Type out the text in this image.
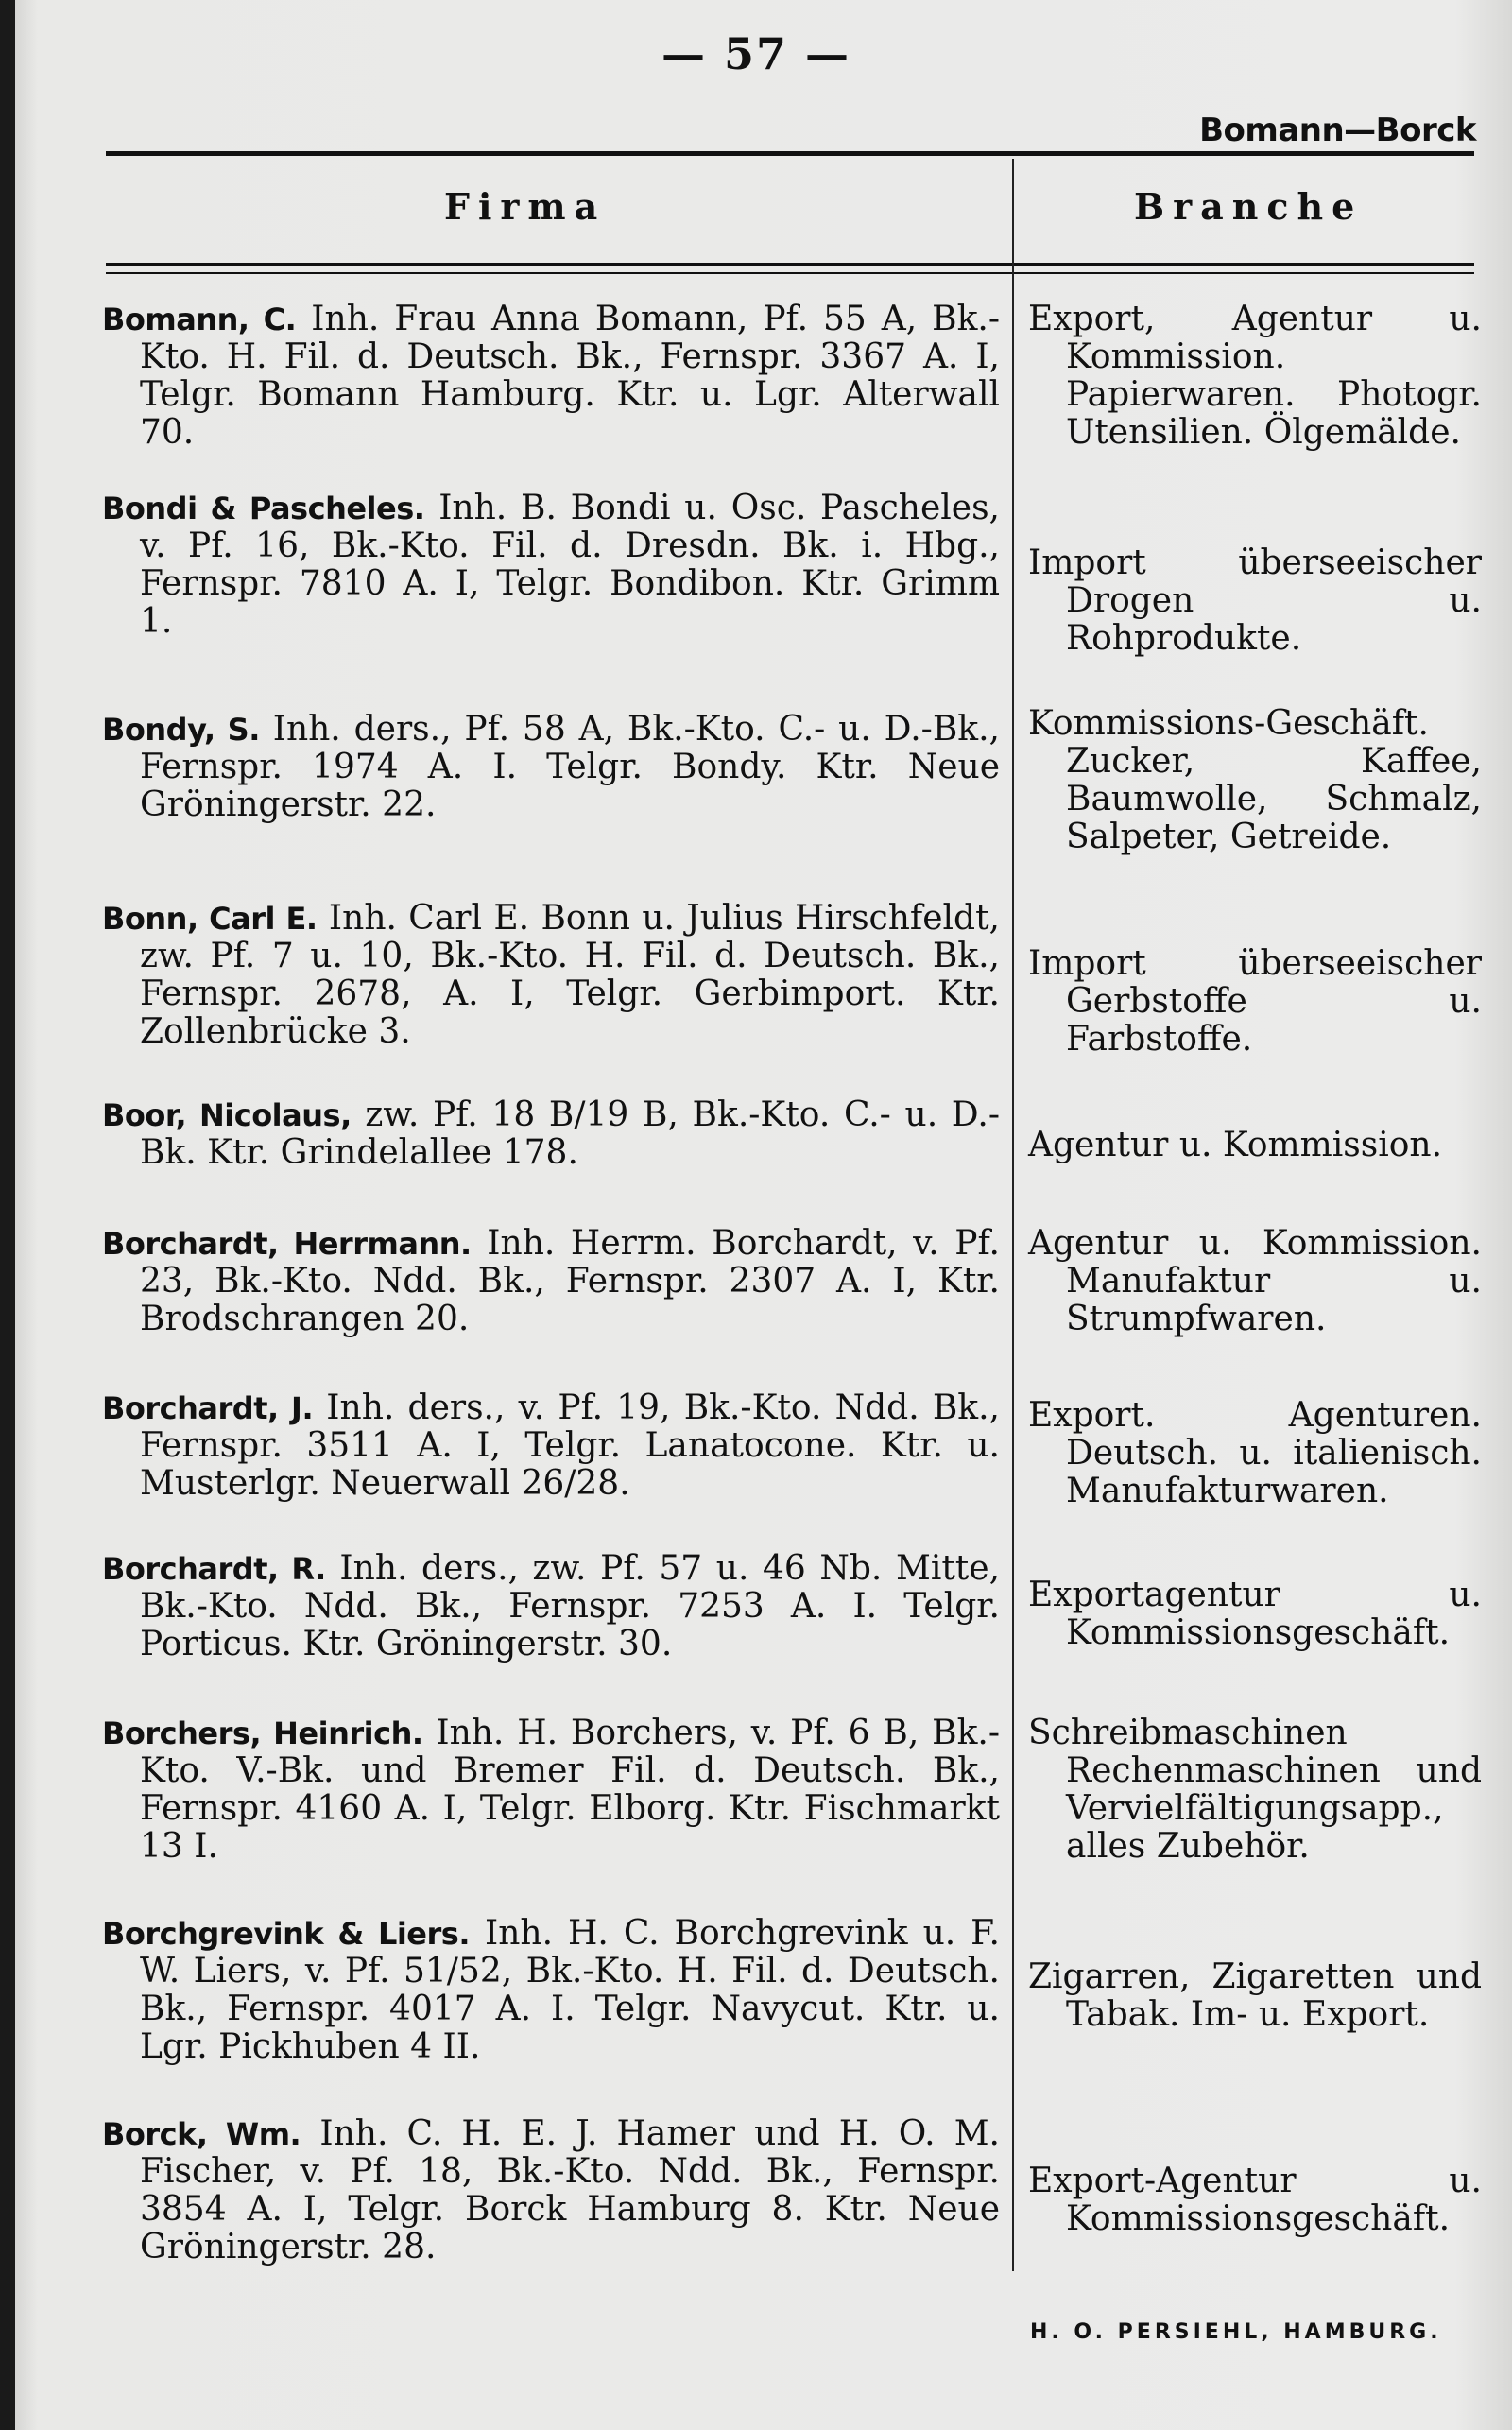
— 57 —
Bomann—Borck
Firma	Branche
Bomann, C. Inh. Frau Anna Bomann, Pf. 55 A, Bk.-Kto. H. Fil. d. Deutsch. Bk., Fernspr. 3367 A. I, Telgr. Bomann Hamburg. Ktr. u. Lgr. Alterwall 70.
Export, Agentur u. Kommission. Papierwaren. Photogr. Utensilien. Ölgemälde.
Bondi & Pascheles. Inh. B. Bondi u. Osc. Pascheles, v. Pf. 16, Bk.-Kto. Fil. d. Dresdn. Bk. i. Hbg., Fernspr. 7810 A. I, Telgr. Bondibon. Ktr. Grimm 1.
Import überseeischer Drogen u. Rohprodukte.
Bondy, S. Inh. ders., Pf. 58 A, Bk.-Kto. C.- u. D.-Bk., Fernspr. 1974 A. I. Telgr. Bondy. Ktr. Neue Gröningerstr. 22.
Kommissions-Geschäft. Zucker, Kaffee, Baumwolle, Schmalz, Salpeter, Getreide.
Bonn, Carl E. Inh. Carl E. Bonn u. Julius Hirschfeldt, zw. Pf. 7 u. 10, Bk.-Kto. H. Fil. d. Deutsch. Bk., Fernspr. 2678, A. I, Telgr. Gerbimport. Ktr. Zollenbrücke 3.
Import überseeischer Gerbstoffe u. Farbstoffe.
Boor, Nicolaus, zw. Pf. 18 B/19 B, Bk.-Kto. C.- u. D.-Bk. Ktr. Grindelallee 178.	Agentur u. Kommission.
Borchardt, Herrmann. Inh. Herrm. Borchardt, v. Pf. 23, Bk.-Kto. Ndd. Bk., Fernspr. 2307 A. I, Ktr. Brodschrangen 20.
Agentur u. Kommission. Manufaktur u. Strumpfwaren.
Borchardt, J. Inh. ders., v. Pf. 19, Bk.-Kto. Ndd. Bk., Fernspr. 3511 A. I, Telgr. Lanatocone. Ktr. u. Musterlgr. Neuerwall 26/28.
Export. Agenturen. Deutsch. u. italienisch. Manufakturwaren.
Borchardt, R. Inh. ders., zw. Pf. 57 u. 46 Nb. Mitte, Bk.-Kto. Ndd. Bk., Fernspr. 7253 A. I. Telgr. Porticus. Ktr. Gröningerstr. 30.
Exportagentur u. Kommissionsgeschäft.
Borchers, Heinrich. Inh. H. Borchers, v. Pf. 6 B, Bk.-Kto. V.-Bk. und Bremer Fil. d. Deutsch. Bk., Fernspr. 4160 A. I, Telgr. Elborg. Ktr. Fischmarkt 13 I.
Schreibmaschinen Rechenmaschinen und Vervielfältigungsapp., alles Zubehör.
Borchgrevink & Liers. Inh. H. C. Borchgrevink u. F. W. Liers, v. Pf. 51/52, Bk.-Kto. H. Fil. d. Deutsch. Bk., Fernspr. 4017 A. I. Telgr. Navycut. Ktr. u. Lgr. Pickhuben 4 II.
Zigarren, Zigaretten und Tabak. Im- u. Export.
Borck, Wm. Inh. C. H. E. J. Hamer und H. O. M. Fischer, v. Pf. 18, Bk.-Kto. Ndd. Bk., Fernspr. 3854 A. I, Telgr. Borck Hamburg 8. Ktr. Neue Gröningerstr. 28.
Export-Agentur u. Kommissionsgeschäft.
H. O. PERSIEHL, HAMBURG.
